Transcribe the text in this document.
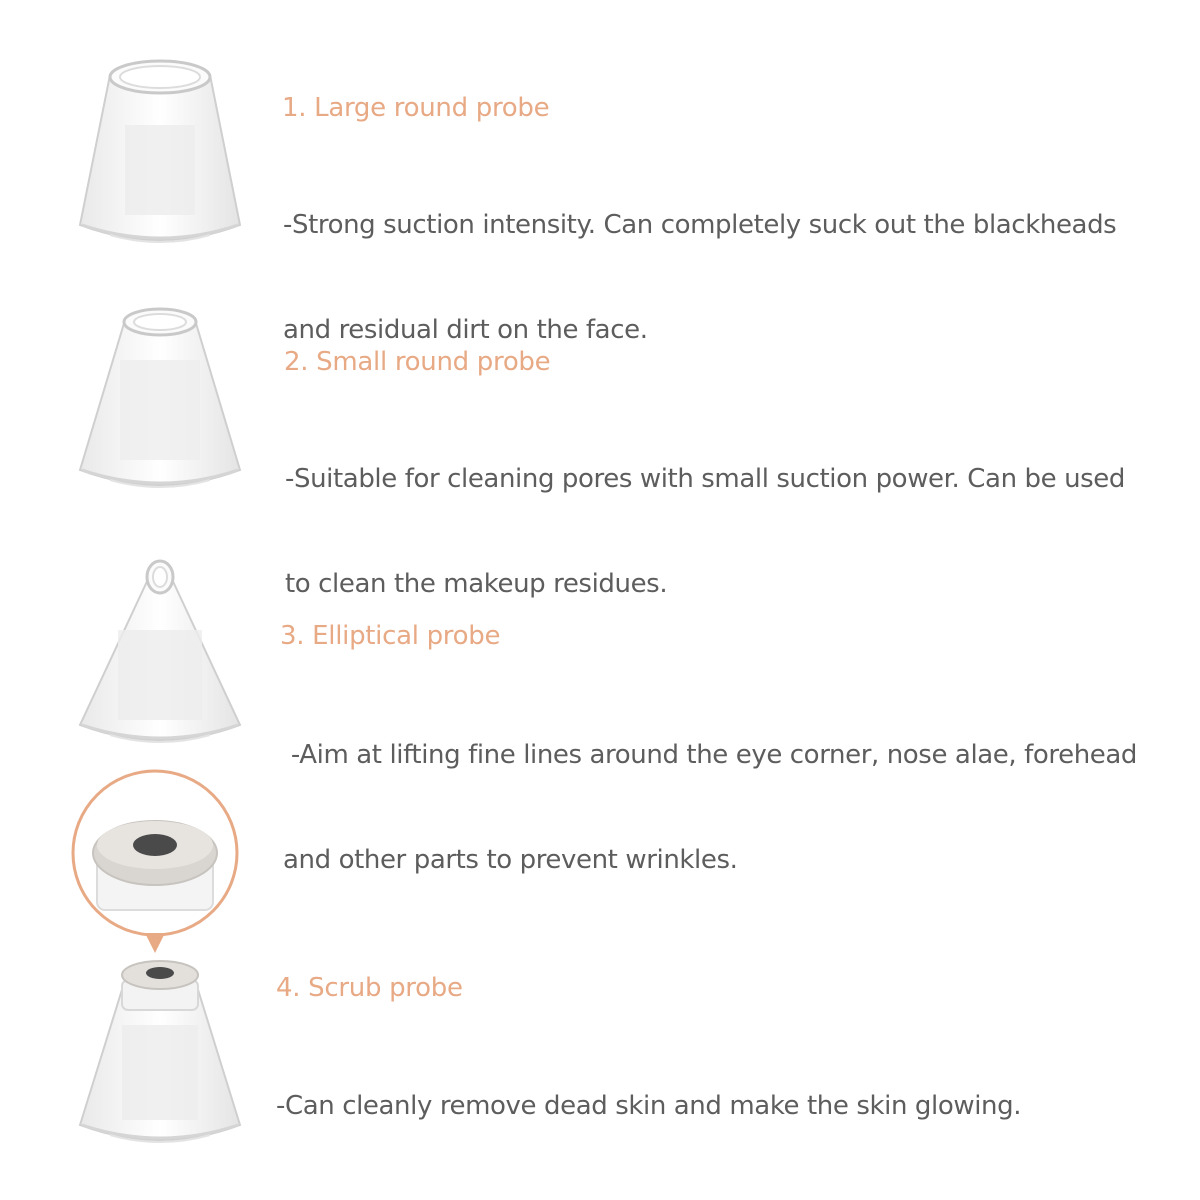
1. Large round probe

-Strong suction intensity. Can completely suck out the blackheads

and residual dirt on the face.

2. Small round probe

-Suitable for cleaning pores with small suction power. Can be used

to clean the makeup residues.

3. Elliptical probe

-Aim at lifting fine lines around the eye corner, nose alae, forehead

and other parts to prevent wrinkles.

4. Scrub probe

-Can cleanly remove dead skin and make the skin glowing.
